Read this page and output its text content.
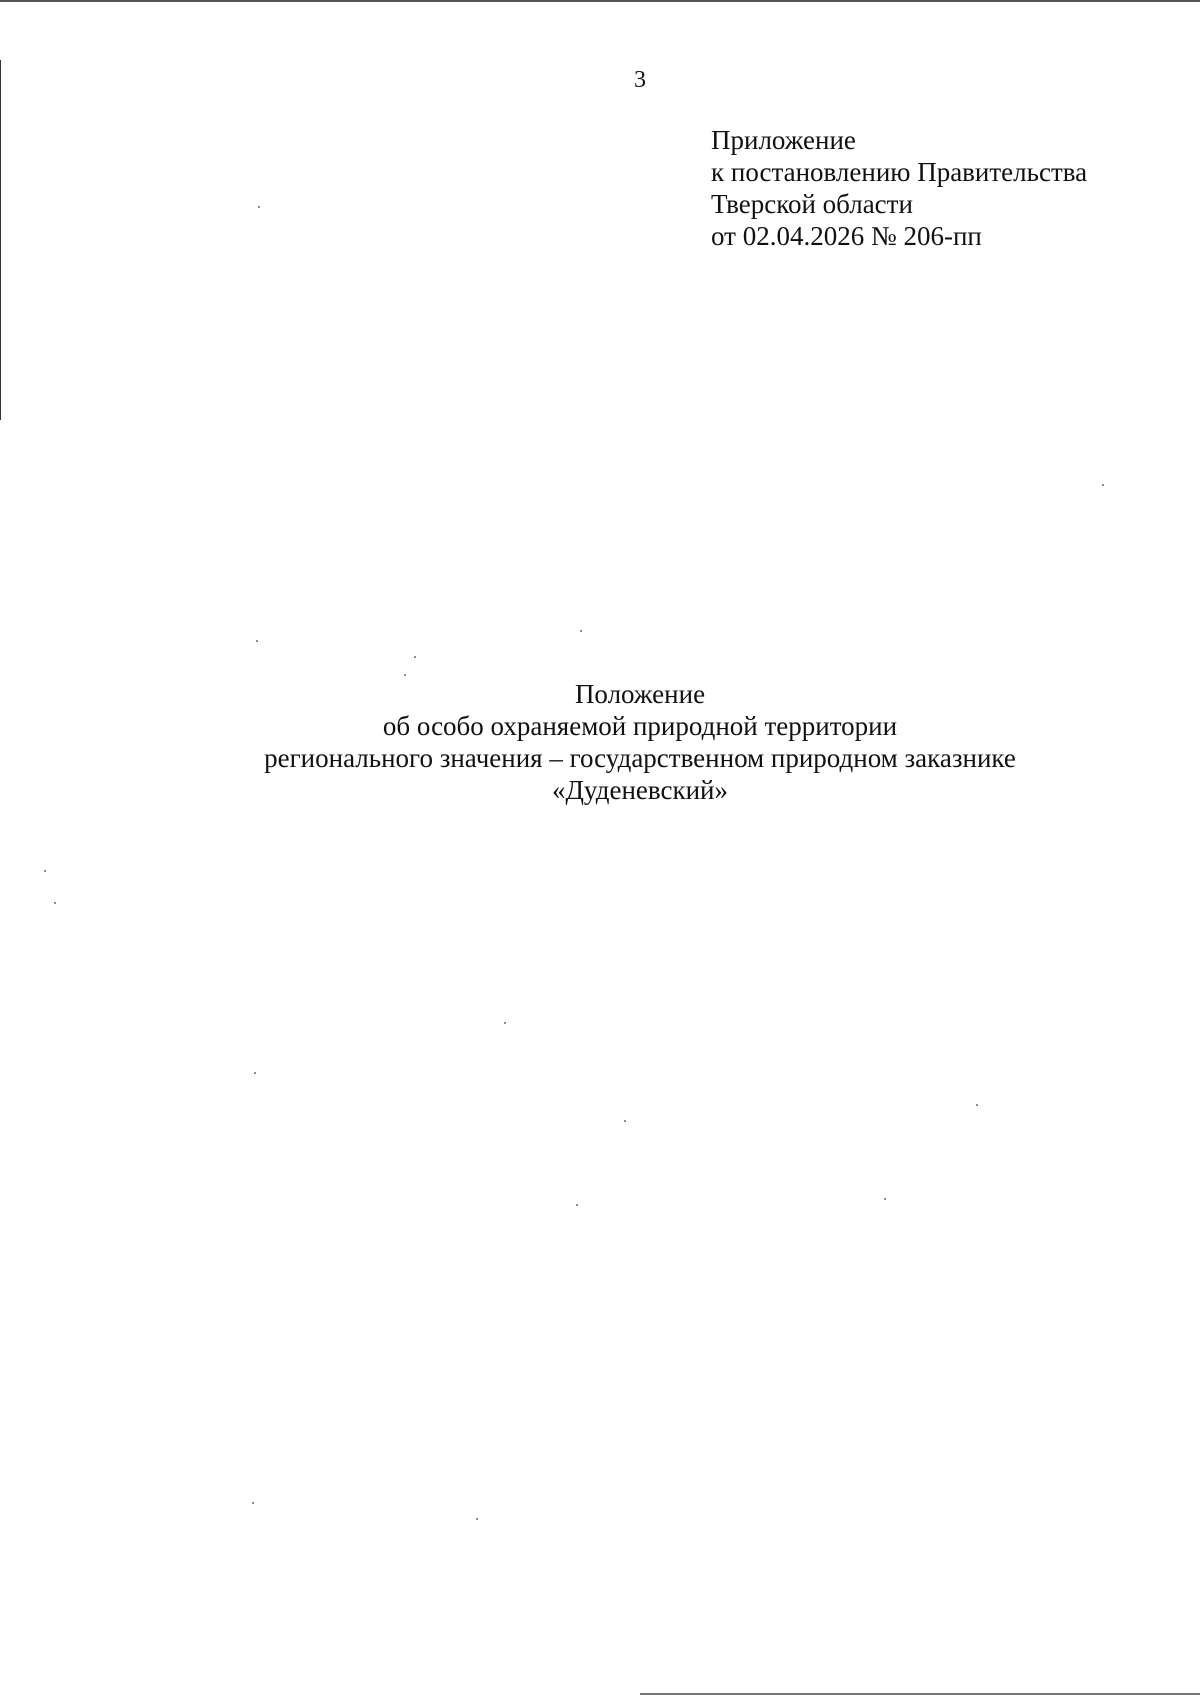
3
Приложение
к постановлению Правительства
Тверской области
от 02.04.2026 № 206-пп
Положение
об особо охраняемой природной территории
регионального значения – государственном природном заказнике
«Дуденевский»
